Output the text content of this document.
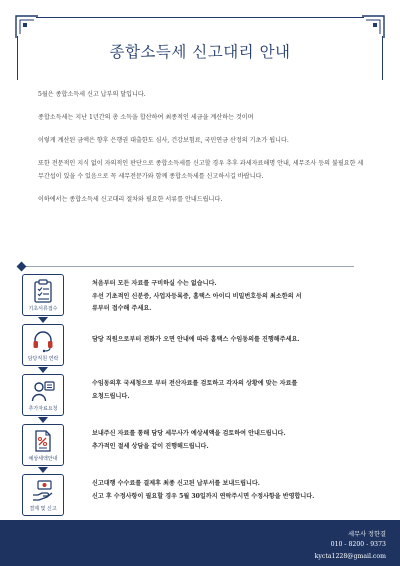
종합소득세 신고대리 안내

5월은 종합소득세 신고 납부의 달입니다.

종합소득세는 지난 1년간의 총 소득을 합산하여 최종적인 세금을 계산하는 것이며

이렇게 계산된 금액은 향후 은행권 대출한도 심사, 건강보험료, 국민연금 산정의 기초가 됩니다.

또한 전문적인 지식 없이 자의적인 판단으로 종합소득세를 신고할 경우 추후 과세자료해명 안내, 세무조사 등의 불필요한 세무간섭이 있을 수 있음으로 꼭 세무전문가와 함께 종합소득세를 신고하시길 바랍니다.

이하에서는 종합소득세 신고대리 절차와 필요한 서류를 안내드립니다.

기초서류접수
처음부터 모든 자료를 구비하실 수는 없습니다.
우선 기초적인 신분증, 사업자등록증, 홈택스 아이디 비밀번호등의 최소한의 서
류부터 접수해 주세요.
담당직원 연락
담당 직원으로부터 전화가 오면 안내에 따라 홈택스 수임동의를 진행해주세요.
추가자료요청
수임동의후 국세청으로 부터 전산자료를 검토하고 각자의 상황에 맞는 자료를
요청드립니다.
예상세액안내
보내주신 자료를 통해 담당 세무사가 예상세액을 검토하여 안내드립니다.
추가적인 절세 상담을 같이 진행해드립니다.
결제 및 신고
신고대행 수수료를 결제후 최종 신고된 납부서를 보내드립니다.
신고 후 수정사항이 필요할 경우 5월 30일까지 연락주시면 수정사항을 반영합니다.
세무사 정한결
010 - 8200 - 9373
kycta1228@gmail.com
